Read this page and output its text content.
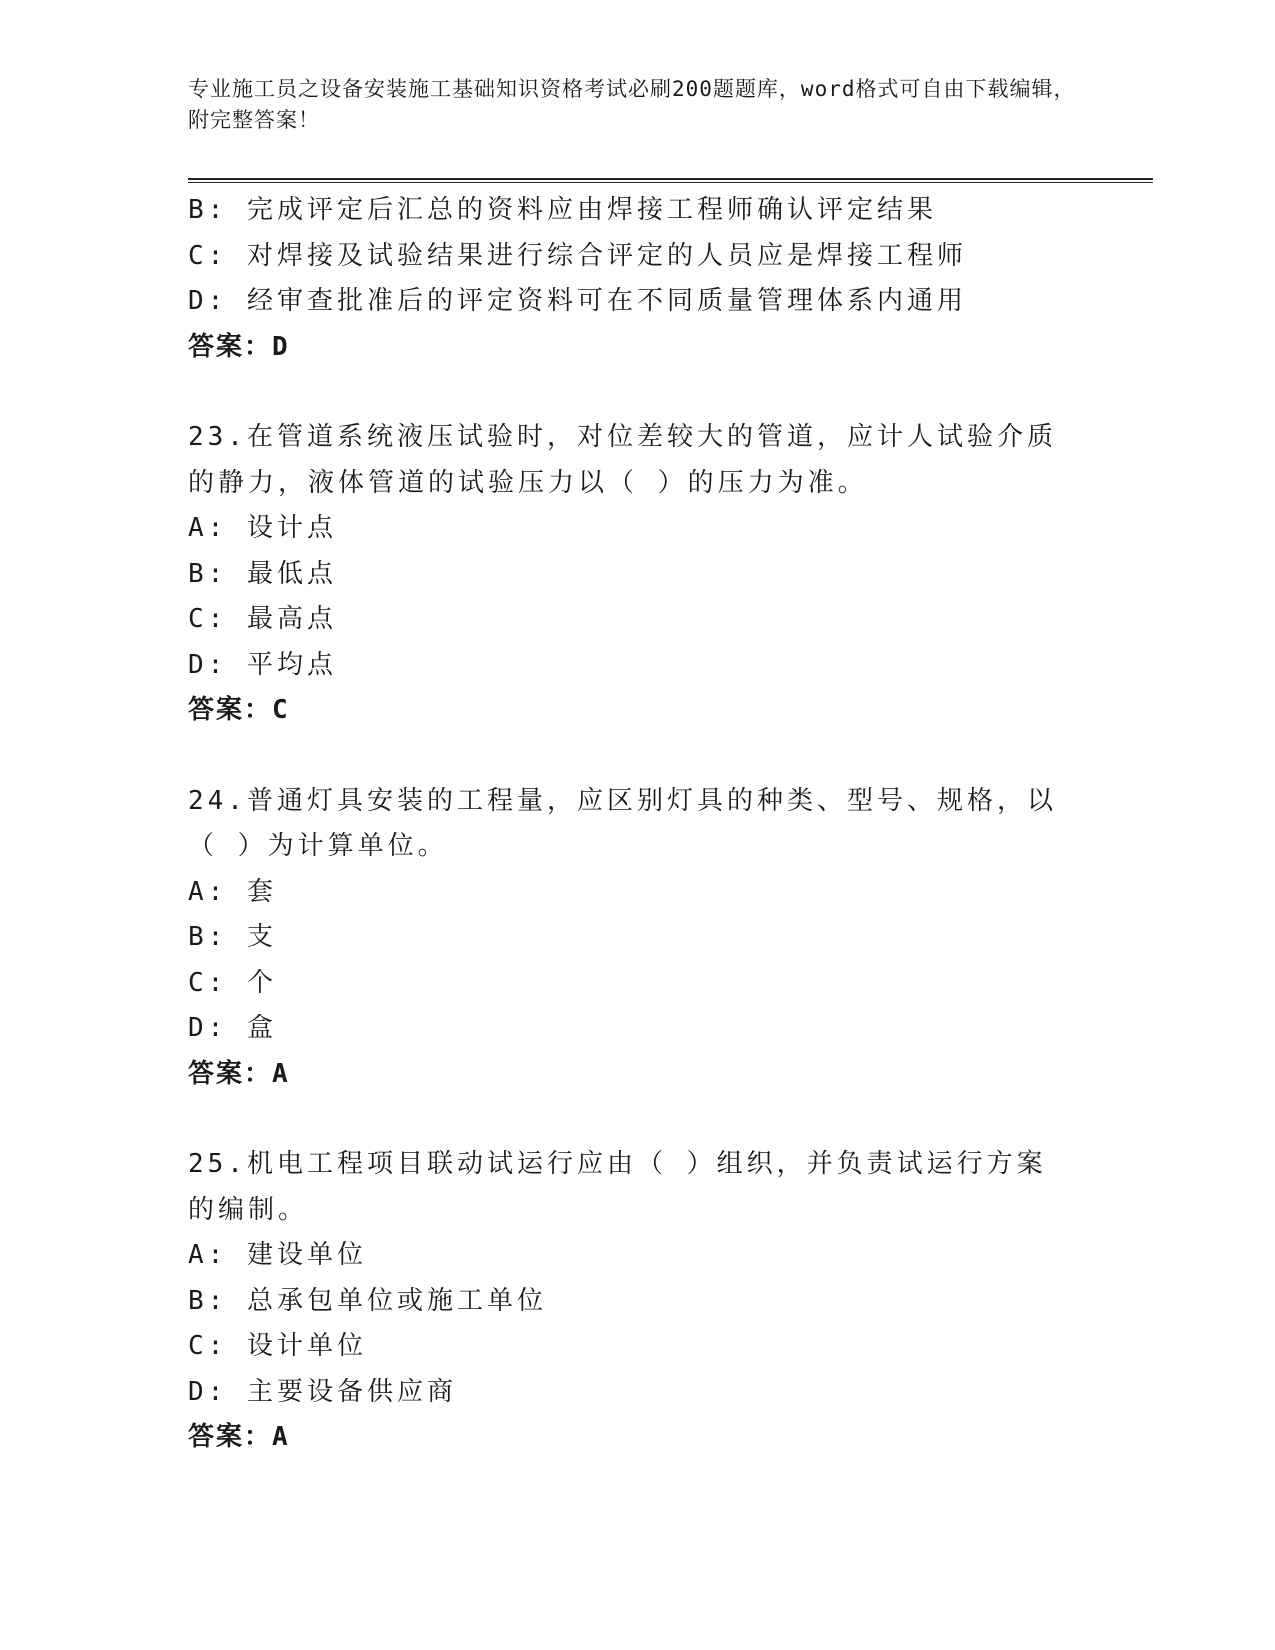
专业施工员之设备安装施工基础知识资格考试必刷200题题库，word格式可自由下载编辑，附完整答案！
B: 完成评定后汇总的资料应由焊接工程师确认评定结果
C: 对焊接及试验结果进行综合评定的人员应是焊接工程师
D: 经审查批准后的评定资料可在不同质量管理体系内通用
答案：D
23.在管道系统液压试验时，对位差较大的管道，应计人试验介质的静力，液体管道的试验压力以（ ）的压力为准。
A: 设计点
B: 最低点
C: 最高点
D: 平均点
答案：C
24.普通灯具安装的工程量，应区别灯具的种类、型号、规格，以（ ）为计算单位。
A: 套
B: 支
C: 个
D: 盒
答案：A
25.机电工程项目联动试运行应由（ ）组织，并负责试运行方案的编制。
A: 建设单位
B: 总承包单位或施工单位
C: 设计单位
D: 主要设备供应商
答案：A
